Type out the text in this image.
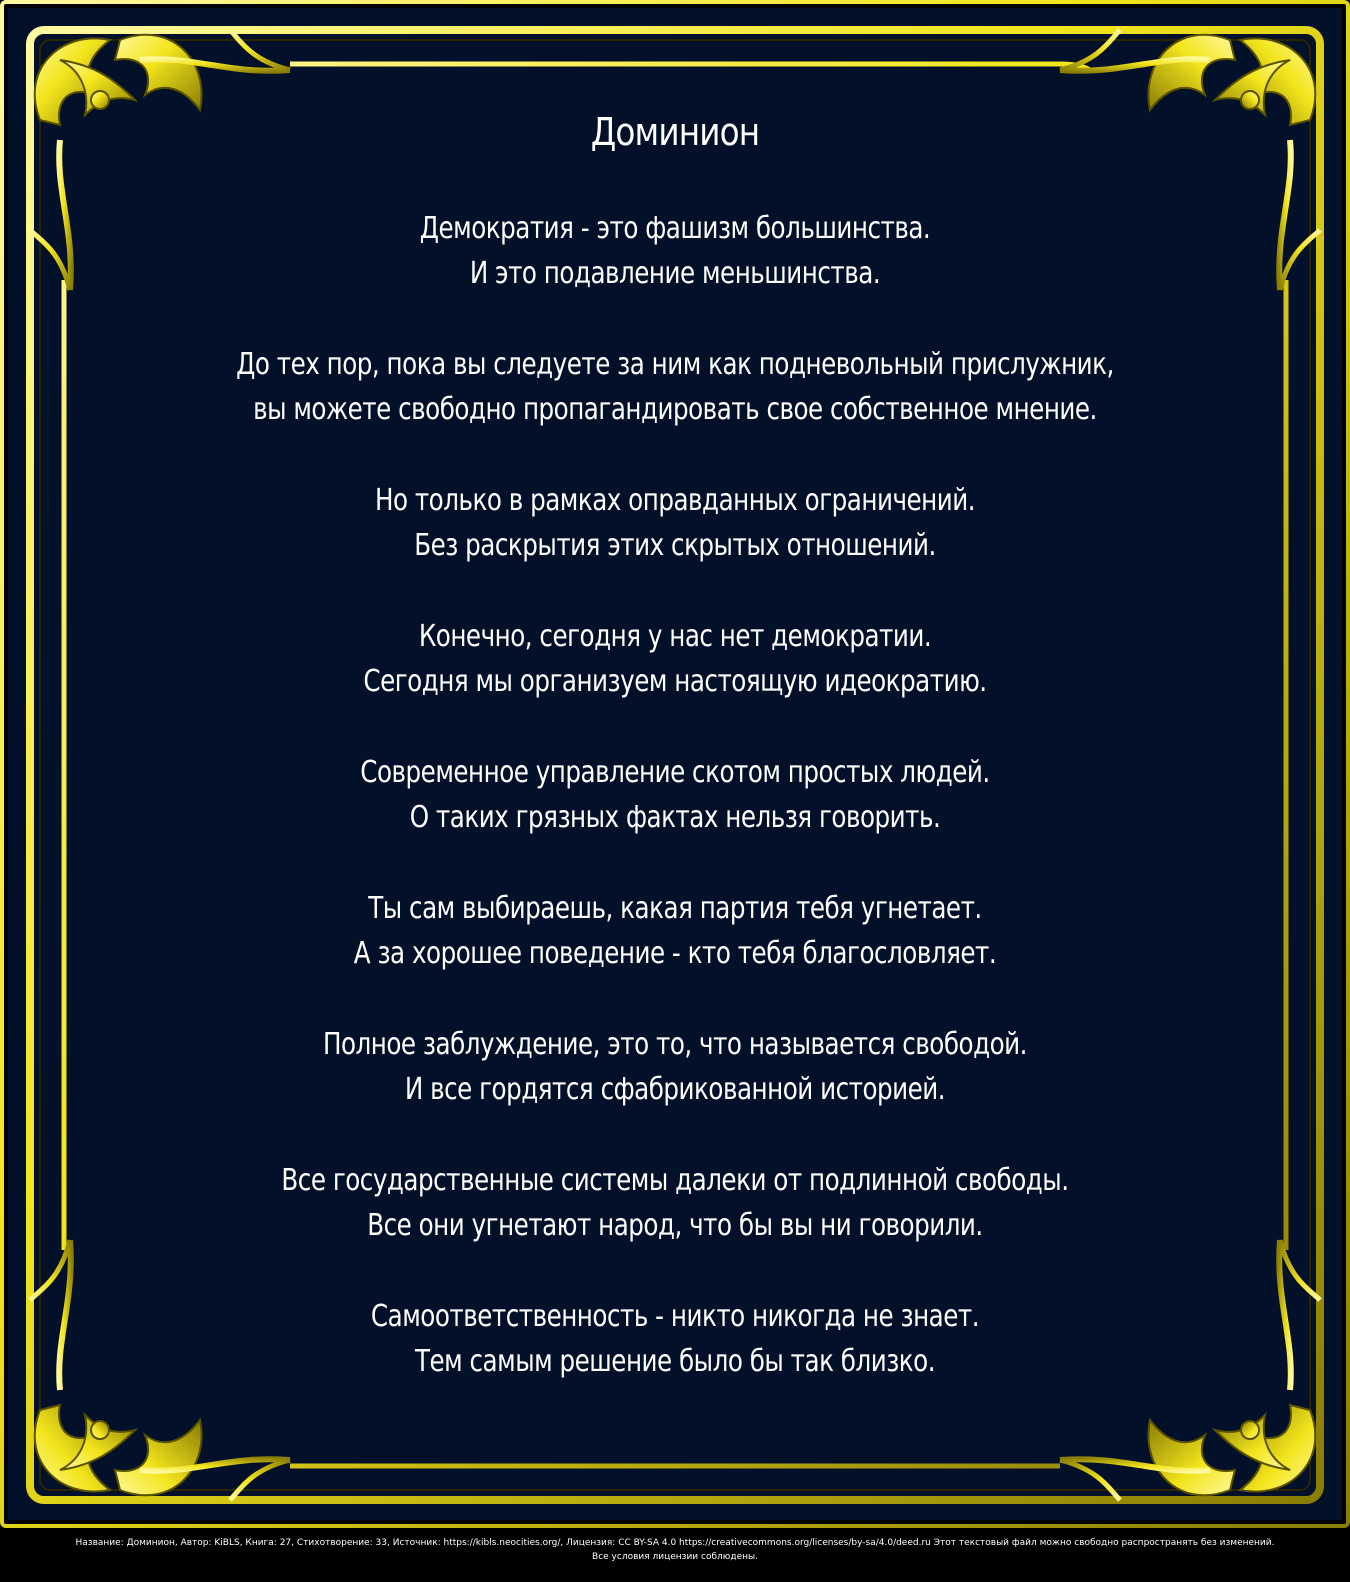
Доминион
Демократия - это фашизм большинства.
И это подавление меньшинства.
До тех пор, пока вы следуете за ним как подневольный прислужник,
вы можете свободно пропагандировать свое собственное мнение.
Но только в рамках оправданных ограничений.
Без раскрытия этих скрытых отношений.
Конечно, сегодня у нас нет демократии.
Сегодня мы организуем настоящую идеократию.
Современное управление скотом простых людей.
О таких грязных фактах нельзя говорить.
Ты сам выбираешь, какая партия тебя угнетает.
А за хорошее поведение - кто тебя благословляет.
Полное заблуждение, это то, что называется свободой.
И все гордятся сфабрикованной историей.
Все государственные системы далеки от подлинной свободы.
Все они угнетают народ, что бы вы ни говорили.
Самоответственность - никто никогда не знает.
Тем самым решение было бы так близко.
Название: Доминион, Автор: KiBLS, Книга: 27, Стихотворение: 33, Источник: https://kibls.neocities.org/, Лицензия: CC BY-SA 4.0 https://creativecommons.org/licenses/by-sa/4.0/deed.ru Этот текстовый файл можно свободно распространять без изменений.
Все условия лицензии соблюдены.
